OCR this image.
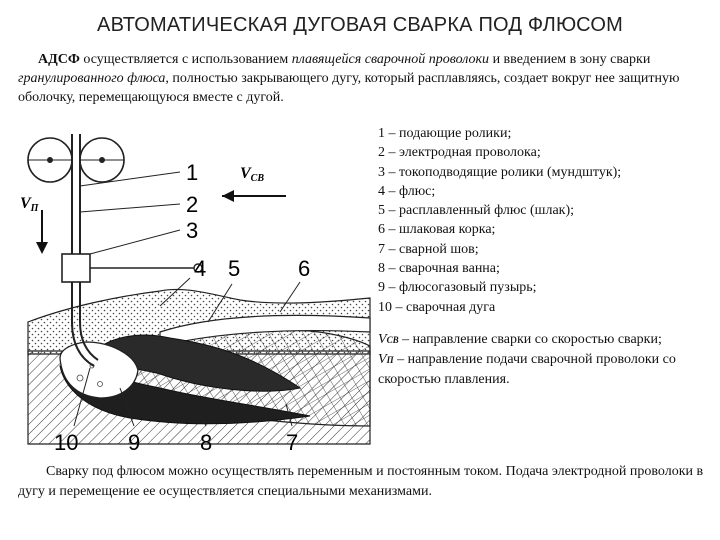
АВТОМАТИЧЕСКАЯ ДУГОВАЯ СВАРКА ПОД ФЛЮСОМ
АДСФ осуществляется с использованием плавящейся сварочной проволоки и введением в зону сварки гранулированного флюса, полностью закрывающего дугу, который расплавляясь, создает вокруг нее защитную оболочку, перемещающуюся вместе с дугой.
1
2
3
4 5	6
7
8
9
10
VСВ
VП
1 – подающие ролики;
2 – электродная проволока;
3 – токоподводящие ролики (мундштук);
4 – флюс;
5 – расплавленный флюс (шлак);
6 – шлаковая корка;
7 – сварной шов;
8 – сварочная ванна;
9 – флюсогазовый пузырь;
10 – сварочная дуга
VСВ – направление сварки со скоростью сварки;
VП – направление подачи сварочной проволоки со скоростью плавления.
Сварку под флюсом можно осуществлять переменным и постоянным током. Подача электродной проволоки в дугу и перемещение ее осуществляется специальными механизмами.
